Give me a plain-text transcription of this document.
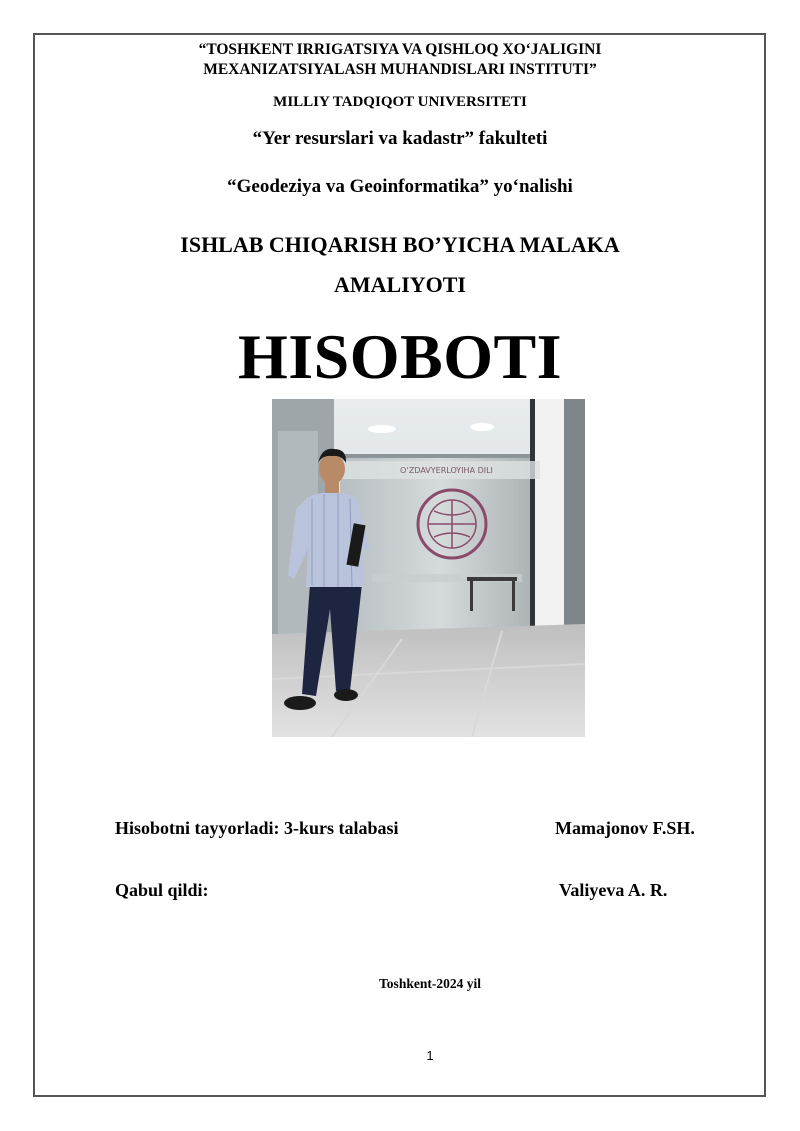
“TOSHKENT IRRIGATSIYA VA QISHLOQ XO‘JALIGINI
MEXANIZATSIYALASH MUHANDISLARI INSTITUTI”
MILLIY TADQIQOT UNIVERSITETI
“Yer resurslari va kadastr” fakulteti
“Geodeziya va Geoinformatika” yo‘nalishi
ISHLAB CHIQARISH BO’YICHA MALAKA
AMALIYOTI
HISOBOTI
O‘ZDAVYERLOYIHA DILI
Hisobotni tayyorladi: 3-kurs talabasi	Mamajonov F.SH.
Qabul qildi:	Valiyeva A. R.
Toshkent-2024 yil
1
